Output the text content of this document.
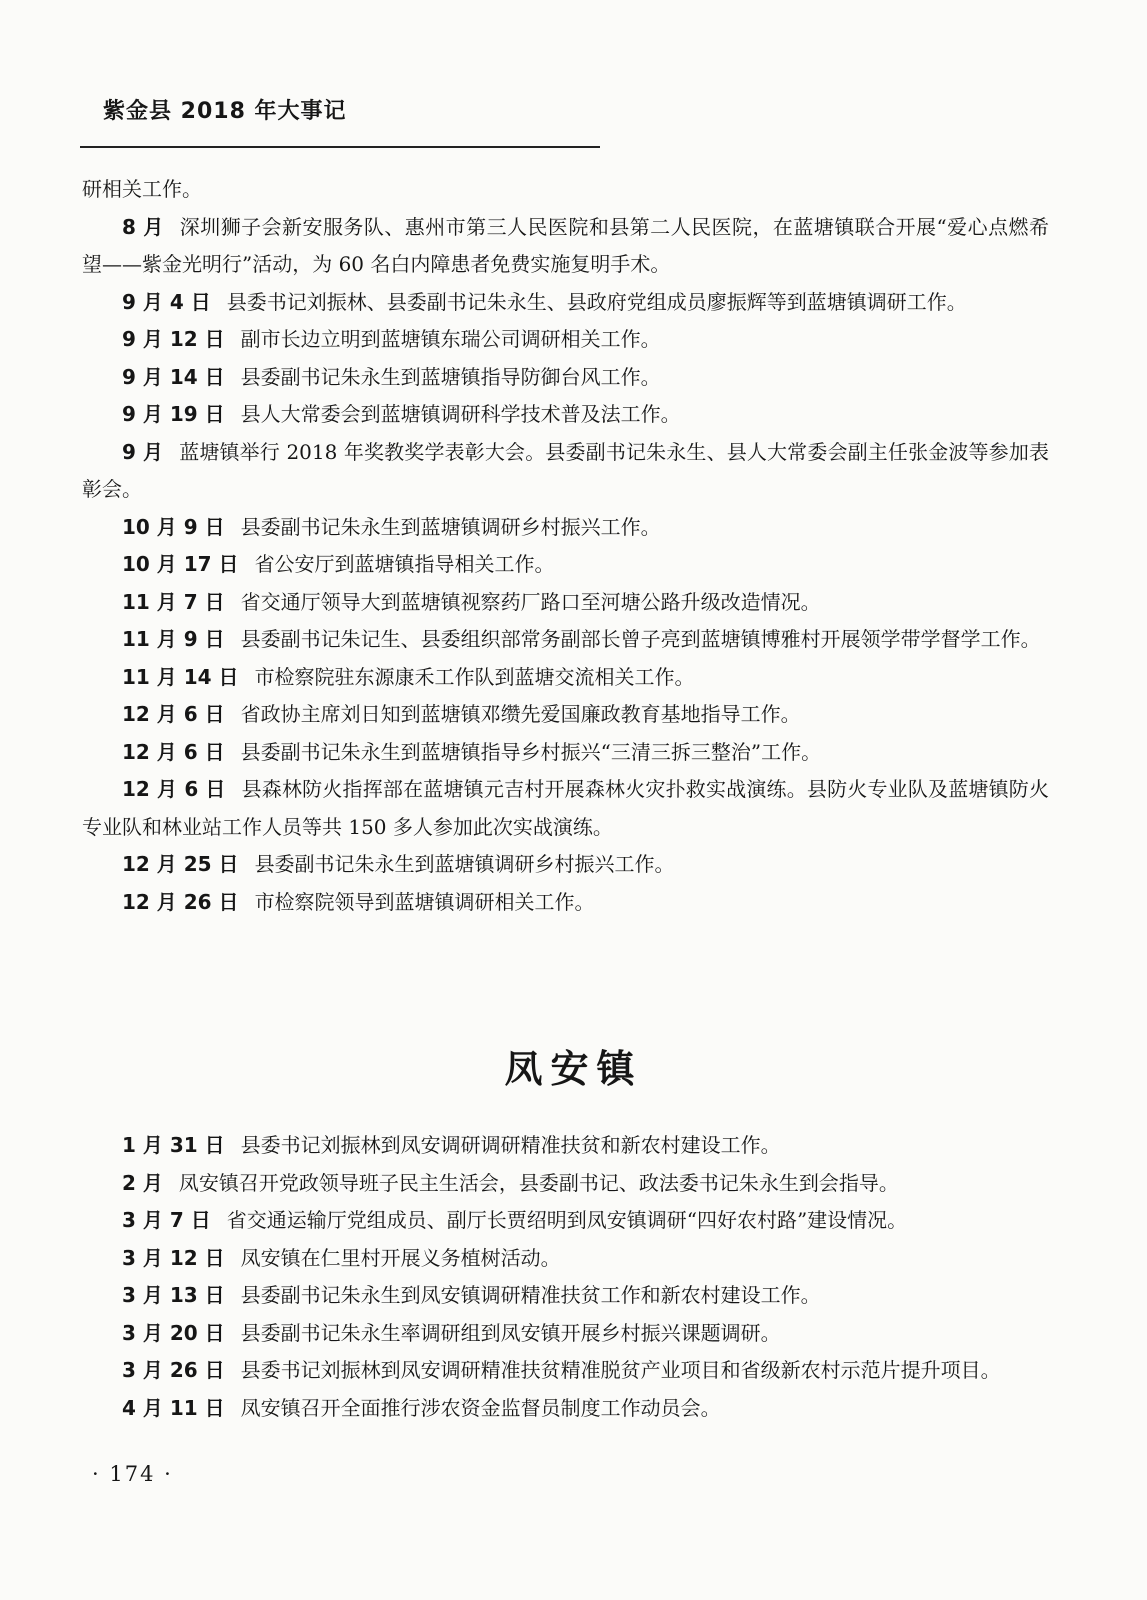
紫金县 2018 年大事记

研相关工作。

8 月 深圳狮子会新安服务队、惠州市第三人民医院和县第二人民医院，在蓝塘镇联合开展“爱心点燃希望——紫金光明行”活动，为 60 名白内障患者免费实施复明手术。

9 月 4 日 县委书记刘振林、县委副书记朱永生、县政府党组成员廖振辉等到蓝塘镇调研工作。

9 月 12 日 副市长边立明到蓝塘镇东瑞公司调研相关工作。

9 月 14 日 县委副书记朱永生到蓝塘镇指导防御台风工作。

9 月 19 日 县人大常委会到蓝塘镇调研科学技术普及法工作。

9 月 蓝塘镇举行 2018 年奖教奖学表彰大会。县委副书记朱永生、县人大常委会副主任张金波等参加表彰会。

10 月 9 日 县委副书记朱永生到蓝塘镇调研乡村振兴工作。

10 月 17 日 省公安厅到蓝塘镇指导相关工作。

11 月 7 日 省交通厅领导大到蓝塘镇视察药厂路口至河塘公路升级改造情况。

11 月 9 日 县委副书记朱记生、县委组织部常务副部长曾子亮到蓝塘镇博雅村开展领学带学督学工作。

11 月 14 日 市检察院驻东源康禾工作队到蓝塘交流相关工作。

12 月 6 日 省政协主席刘日知到蓝塘镇邓缵先爱国廉政教育基地指导工作。

12 月 6 日 县委副书记朱永生到蓝塘镇指导乡村振兴“三清三拆三整治”工作。

12 月 6 日 县森林防火指挥部在蓝塘镇元吉村开展森林火灾扑救实战演练。县防火专业队及蓝塘镇防火专业队和林业站工作人员等共 150 多人参加此次实战演练。

12 月 25 日 县委副书记朱永生到蓝塘镇调研乡村振兴工作。

12 月 26 日 市检察院领导到蓝塘镇调研相关工作。

凤安镇

1 月 31 日 县委书记刘振林到凤安调研调研精准扶贫和新农村建设工作。

2 月 凤安镇召开党政领导班子民主生活会，县委副书记、政法委书记朱永生到会指导。

3 月 7 日 省交通运输厅党组成员、副厅长贾绍明到凤安镇调研“四好农村路”建设情况。

3 月 12 日 凤安镇在仁里村开展义务植树活动。

3 月 13 日 县委副书记朱永生到凤安镇调研精准扶贫工作和新农村建设工作。

3 月 20 日 县委副书记朱永生率调研组到凤安镇开展乡村振兴课题调研。

3 月 26 日 县委书记刘振林到凤安调研精准扶贫精准脱贫产业项目和省级新农村示范片提升项目。

4 月 11 日 凤安镇召开全面推行涉农资金监督员制度工作动员会。

· 174 ·
